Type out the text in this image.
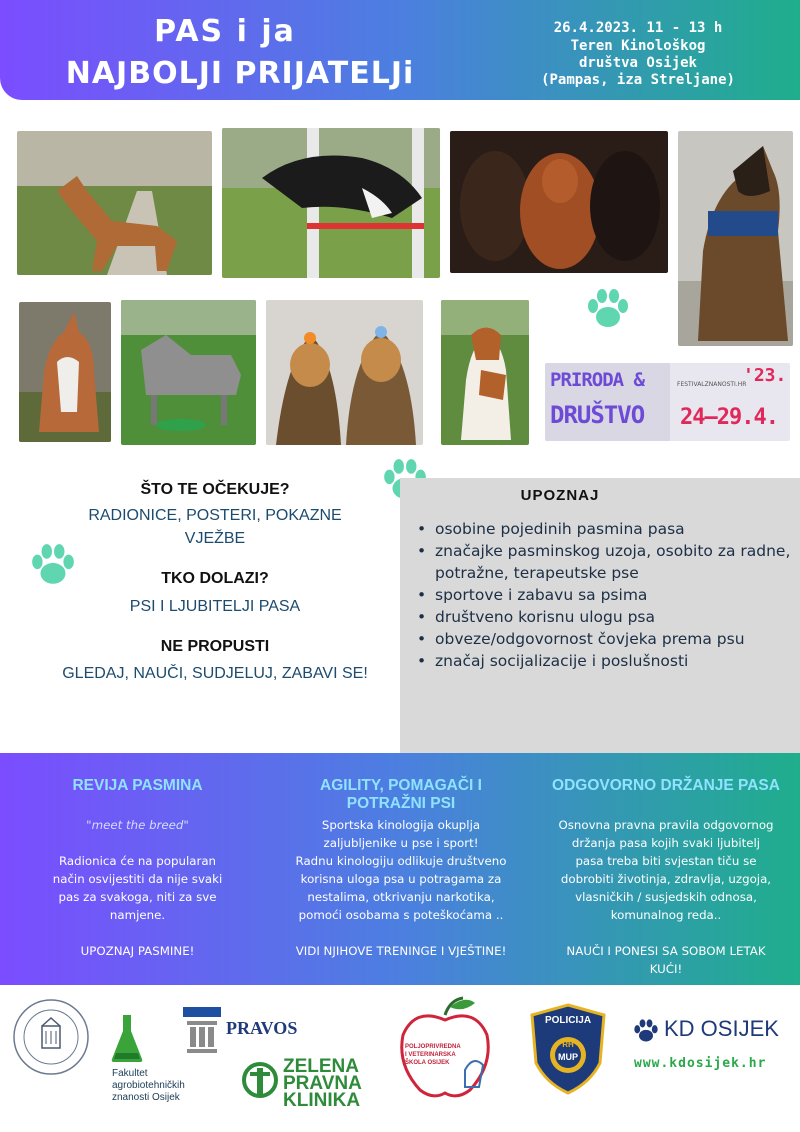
PAS i ja
NAJBOLJI PRIJATELJi
26.4.2023. 11 - 13 h
Teren Kinološkog
društva Osijek
(Pampas, iza Streljane)
PRIRODA &
DRUŠTVO
FESTIVALZNANOSTI.HR
'23.
24—29.4.
ŠTO TE OČEKUJE?
RADIONICE, POSTERI, POKAZNE
VJEŽBE
TKO DOLAZI?
PSI I LJUBITELJI PASA
NE PROPUSTI
GLEDAJ, NAUČI, SUDJELUJ, ZABAVI SE!
UPOZNAJ
• osobine pojedinih pasmina pasa
• značajke pasminskog uzoja, osobito za radne, potražne, terapeutske pse
• sportove i zabavu sa psima
• društveno korisnu ulogu psa
• obveze/odgovornost čovjeka prema psu
• značaj socijalizacije i poslušnosti
REVIJA PASMINA
"meet the breed"
Radionica će na popularan
način osvijestiti da nije svaki
pas za svakoga, niti za sve
namjene.
UPOZNAJ PASMINE!
AGILITY, POMAGAČI I
POTRAŽNI PSI
Sportska kinologija okuplja
zaljubljenike u pse i sport!
Radnu kinologiju odlikuje društveno
korisna uloga psa u potragama za
nestalima, otkrivanju narkotika,
pomoći osobama s poteškoćama ..
VIDI NJIHOVE TRENINGE I VJEŠTINE!
ODGOVORNO DRŽANJE PASA
Osnovna pravna pravila odgovornog
držanja pasa kojih svaki ljubitelj
pasa treba biti svjestan tiču se
dobrobiti životinja, zdravlja, uzgoja,
vlasničkih / susjedskih odnosa,
komunalnog reda..
NAUČI I PONESI SA SOBOM LETAK
KUĆI!
Fakultet
agrobiotehničkih
znanosti Osijek
PRAVOS
ZELENA
PRAVNA
KLINIKA
POLJOPRIVREDNA
I VETERINARSKA
ŠKOLA OSIJEK
POLICIJA
RH
MUP
KD OSIJEK
www.kdosijek.hr
